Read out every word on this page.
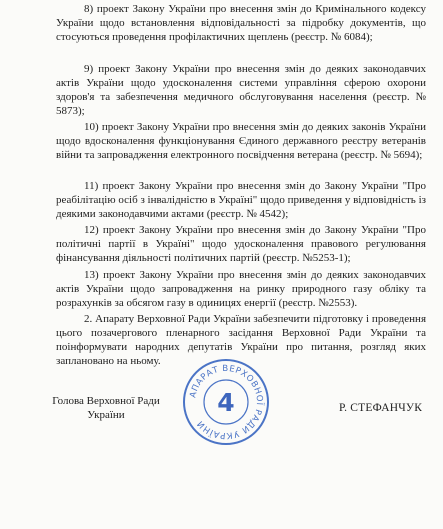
8) проект Закону України про внесення змін до Кримінального кодексу України щодо встановлення відповідальності за підробку документів, що стосуються проведення профілактичних щеплень (реєстр. № 6084);

9) проект Закону України про внесення змін до деяких законодавчих актів України щодо удосконалення системи управління сферою охорони здоров'я та забезпечення медичного обслуговування населення (реєстр. № 5873);

10) проект Закону України про внесення змін до деяких законів України щодо вдосконалення функціонування Єдиного державного реєстру ветеранів війни та запровадження електронного посвідчення ветерана (реєстр. № 5694);

11) проект Закону України про внесення змін до Закону України "Про реабілітацію осіб з інвалідністю в Україні" щодо приведення у відповідність із деякими законодавчими актами (реєстр. № 4542);

12) проект Закону України про внесення змін до Закону України "Про політичні партії в Україні" щодо удосконалення правового регулювання фінансування діяльності політичних партій (реєстр. №5253-1);

13) проект Закону України про внесення змін до деяких законодавчих актів України щодо запровадження на ринку природного газу обліку та розрахунків за обсягом газу в одиницях енергії (реєстр. №2553).

2. Апарату Верховної Ради України забезпечити підготовку і проведення цього позачергового пленарного засідання Верховної Ради України та поінформувати народних депутатів України про питання, розгляд яких заплановано на ньому.

Голова Верховної Ради
України
АПАРАТ ВЕРХОВНОЇ РАДИ УКРАЇНИ
4	Р. СТЕФАНЧУК
